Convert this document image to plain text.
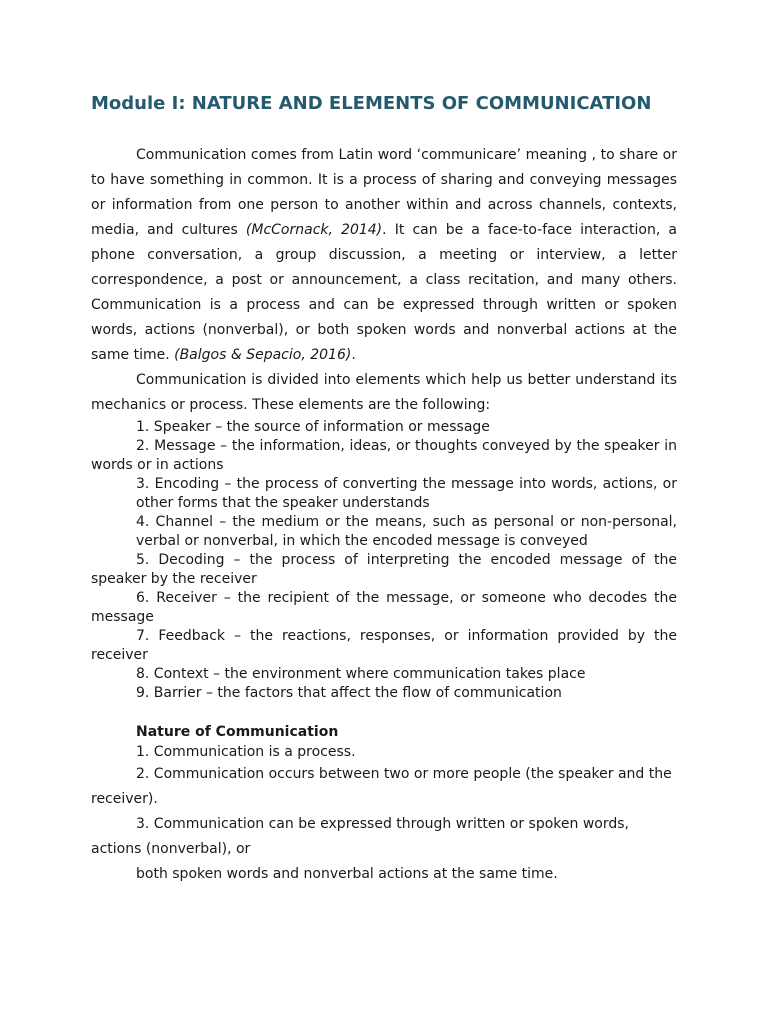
Module I: NATURE AND ELEMENTS OF COMMUNICATION

Communication comes from Latin word ‘communicare’ meaning , to share or to have something in common. It is a process of sharing and conveying messages or information from one person to another within and across channels, contexts, media, and cultures (McCornack, 2014). It can be a face-to-face interaction, a phone conversation, a group discussion, a meeting or interview, a letter correspondence, a post or announcement, a class recitation, and many others. Communication is a process and can be expressed through written or spoken words, actions (nonverbal), or both spoken words and nonverbal actions at the same time. (Balgos & Sepacio, 2016).

Communication is divided into elements which help us better understand its mechanics or process. These elements are the following:

1. Speaker – the source of information or message
2. Message – the information, ideas, or thoughts conveyed by the speaker in words or in actions
3. Encoding – the process of converting the message into words, actions, or other forms that the speaker understands
4. Channel – the medium or the means, such as personal or non-personal, verbal or nonverbal, in which the encoded message is conveyed
5. Decoding – the process of interpreting the encoded message of the speaker by the receiver
6. Receiver – the recipient of the message, or someone who decodes the message
7. Feedback – the reactions, responses, or information provided by the receiver
8. Context – the environment where communication takes place
9. Barrier – the factors that affect the flow of communication
Nature of Communication

1. Communication is a process.

2. Communication occurs between two or more people (the speaker and the receiver).

3. Communication can be expressed through written or spoken words, actions (nonverbal), or

both spoken words and nonverbal actions at the same time.
